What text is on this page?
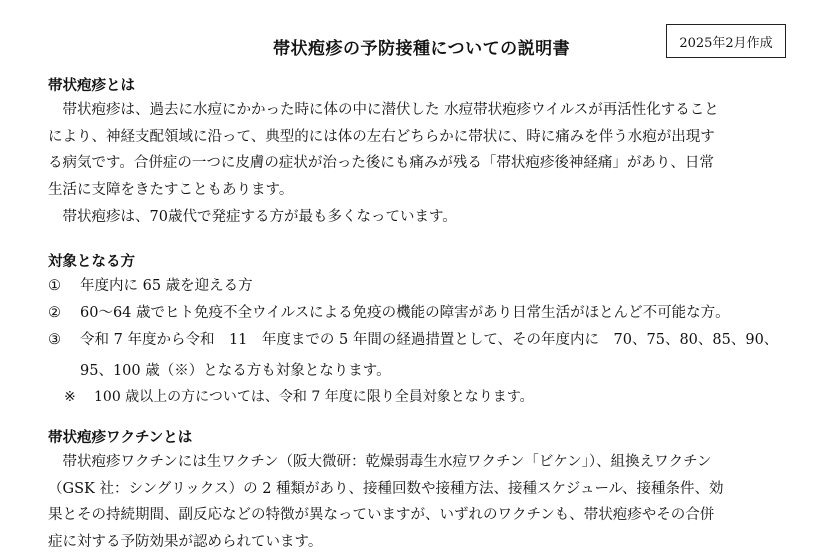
帯状疱疹の予防接種についての説明書	2025年2月作成
帯状疱疹とは
　帯状疱疹は、過去に水痘にかかった時に体の中に潜伏した 水痘帯状疱疹ウイルスが再活性化すること
により、神経支配領域に沿って、典型的には体の左右どちらかに帯状に、時に痛みを伴う水疱が出現す
る病気です。合併症の一つに皮膚の症状が治った後にも痛みが残る「帯状疱疹後神経痛」があり、日常
生活に支障をきたすこともあります。
　帯状疱疹は、70歳代で発症する方が最も多くなっています。
対象となる方
① 年度内に 65 歳を迎える方
② 60～64 歳でヒト免疫不全ウイルスによる免疫の機能の障害があり日常生活がほとんど不可能な方。
③ 令和 7 年度から令和　11　年度までの 5 年間の経過措置として、その年度内に　70、75、80、85、90、
95、100 歳（※）となる方も対象となります。
※ 100 歳以上の方については、令和 7 年度に限り全員対象となります。
帯状疱疹ワクチンとは
　帯状疱疹ワクチンには生ワクチン（阪大微研：乾燥弱毒生水痘ワクチン「ビケン」）、組換えワクチン
（GSK 社：シングリックス）の 2 種類があり、接種回数や接種方法、接種スケジュール、接種条件、効
果とその持続期間、副反応などの特徴が異なっていますが、いずれのワクチンも、帯状疱疹やその合併
症に対する予防効果が認められています。
